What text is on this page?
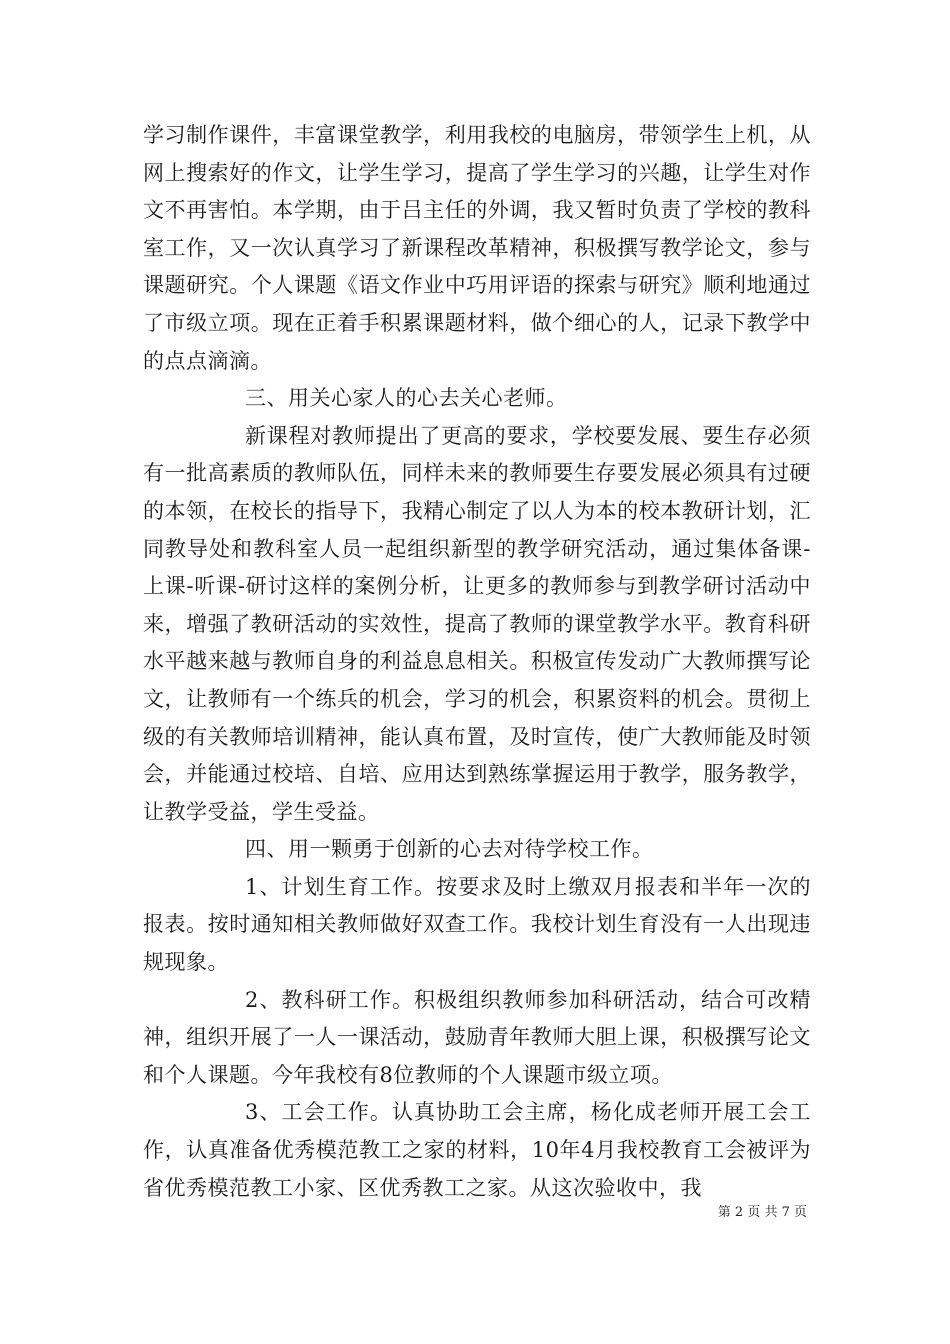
学习制作课件，丰富课堂教学，利用我校的电脑房，带领学生上机，从网上搜索好的作文，让学生学习，提高了学生学习的兴趣，让学生对作文不再害怕。本学期，由于吕主任的外调，我又暂时负责了学校的教科室工作，又一次认真学习了新课程改革精神，积极撰写教学论文，参与课题研究。个人课题《语文作业中巧用评语的探索与研究》顺利地通过了市级立项。现在正着手积累课题材料，做个细心的人，记录下教学中的点点滴滴。

三、用关心家人的心去关心老师。

新课程对教师提出了更高的要求，学校要发展、要生存必须有一批高素质的教师队伍，同样未来的教师要生存要发展必须具有过硬的本领，在校长的指导下，我精心制定了以人为本的校本教研计划，汇同教导处和教科室人员一起组织新型的教学研究活动，通过集体备课-上课-听课-研讨这样的案例分析，让更多的教师参与到教学研讨活动中来，增强了教研活动的实效性，提高了教师的课堂教学水平。教育科研水平越来越与教师自身的利益息息相关。积极宣传发动广大教师撰写论文，让教师有一个练兵的机会，学习的机会，积累资料的机会。贯彻上级的有关教师培训精神，能认真布置，及时宣传，使广大教师能及时领会，并能通过校培、自培、应用达到熟练掌握运用于教学，服务教学，让教学受益，学生受益。

四、用一颗勇于创新的心去对待学校工作。

1、计划生育工作。按要求及时上缴双月报表和半年一次的报表。按时通知相关教师做好双查工作。我校计划生育没有一人出现违规现象。

2、教科研工作。积极组织教师参加科研活动，结合可改精神，组织开展了一人一课活动，鼓励青年教师大胆上课，积极撰写论文和个人课题。今年我校有8位教师的个人课题市级立项。

3、工会工作。认真协助工会主席，杨化成老师开展工会工作，认真准备优秀模范教工之家的材料，10年4月我校教育工会被评为省优秀模范教工小家、区优秀教工之家。从这次验收中，我

第 2 页 共 7 页
